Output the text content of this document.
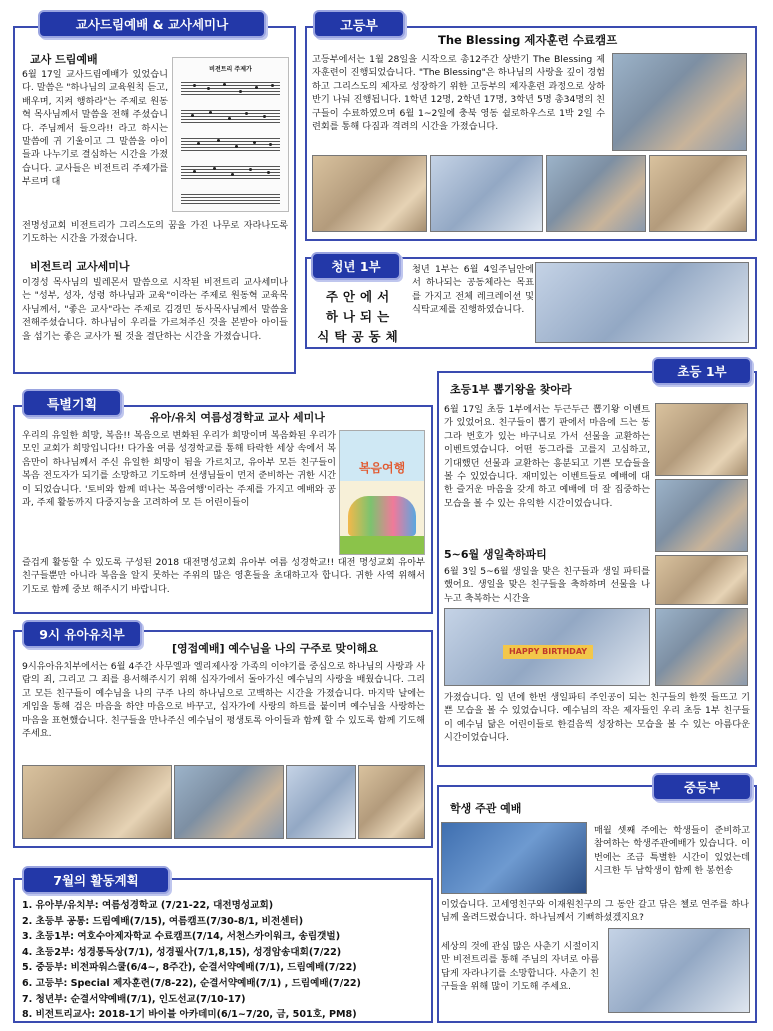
교사드림예배 & 교사세미나
교사 드림예배
6월 17일 교사드림예배가 있었습니다. 말씀은 "하나님의 교육원칙 듣고, 배우며, 지켜 행하라"는 주제로 원동혁 목사님께서 말씀을 전해 주셨습니다. 주님께서 들으라!! 라고 하시는 말씀에 귀 기울이고 그 말씀을 아이들과 나누기로 결심하는 시간을 가졌습니다. 교사들은 비전트리 주제가를 부르며 대
비전트리 주제가
전명성교회 비전트리가 그리스도의 꿈을 가진 나무로 자라나도록 기도하는 시간을 가졌습니다.
비전트리 교사세미나
이경성 목사님의 빌레몬서 말씀으로 시작된 비전트리 교사세미나는 "성부, 성자, 성령 하나님과 교육"이라는 주제로 원동혁 교육목사님께서, "좋은 교사"라는 주제로 김경민 동사목사님께서 말씀을 전해주셨습니다. 하나님이 우리를 가르쳐주신 것을 본받아 아이들을 섬기는 좋은 교사가 될 것을 결단하는 시간을 가졌습니다.
고등부
The Blessing 제자훈련 수료캠프
고등부에서는 1월 28일을 시작으로 총12주간 상반기 The Blessing 제자훈련이 진행되었습니다. "The Blessing"은 하나님의 사랑을 깊이 경험하고 그리스도의 제자로 성장하기 위한 고등부의 제자훈련 과정으로 상하반기 나눠 진행됩니다. 1학년 12명, 2학년 17명, 3학년 5명 총34명의 친구들이 수료하였으며 6월 1~2일에 충북 영동 쉴로하우스로 1박 2일 수련회를 통해 다짐과 격려의 시간을 가졌습니다.
청년 1부
주안에서
하나되는
식탁공동체
청년 1부는 6월 4일주님안에서 하나되는 공동체라는 목표를 가지고 전체 레크레이션 및 식탁교제를 진행하였습니다.
특별기획
유아/유치 여름성경학교 교사 세미나
우리의 유일한 희망, 복음!! 복음으로 변화된 우리가 희망이며 복음화된 우리가 모인 교회가 희망입니다!! 다가올 여름 성경학교를 통해 타락한 세상 속에서 복음만이 하나님께서 주신 유일한 희망이 됨을 가르치고, 유아부 모든 친구들이 복음 전도자가 되기를 소망하고 기도하며 선생님들이 먼저 준비하는 귀한 시간이 되었습니다. '토비와 함께 떠나는 복음여행'이라는 주제를 가지고 예배와 공과, 주제 활동까지 다중지능을 고려하여 모 든 어린이들이
복음여행
즐겁게 활동할 수 있도록 구성된 2018 대전명성교회 유아부 여름 성경학교!! 대전 명성교회 유아부 친구들뿐만 아니라 복음을 알지 못하는 주위의 많은 영혼들을 초대하고자 합니다. 귀한 사역 위해서 기도로 함께 중보 해주시기 바랍니다.
9시 유아유치부
[영접예배] 예수님을 나의 구주로 맞이해요
9시유아유치부에서는 6월 4주간 사무엘과 엘리제사장 가족의 이야기를 중심으로 하나님의 사랑과 사람의 죄, 그리고 그 죄를 용서해주시기 위해 십자가에서 돌아가신 예수님의 사랑을 배웠습니다. 그리고 모든 친구들이 예수님을 나의 구주 나의 하나님으로 고백하는 시간을 가졌습니다. 마지막 날에는 게임을 통해 검은 마음을 하얀 마음으로 바꾸고, 십자가에 사랑의 하트를 붙이며 예수님을 사랑하는 마음을 표현했습니다. 친구들을 만나주신 예수님이 평생토록 아이들과 함께 할 수 있도록 함께 기도해주세요.
7월의 활동계획
1. 유아부/유치부: 여름성경학교 (7/21-22, 대전명성교회)
2. 초등부 공통: 드림예배(7/15), 여름캠프(7/30-8/1, 비전센터)
3. 초등1부: 여호수아제자학교 수료캠프(7/14, 서천스카이워크, 송림갯벌)
4. 초등2부: 성경통독상(7/1), 성경필사(7/1,8,15), 성경암송대회(7/22)
5. 중등부: 비전파워스쿨(6/4~, 8주간), 순결서약예배(7/1), 드림예배(7/22)
6. 고등부: Special 제자훈련(7/8-22), 순결서약예배(7/1) , 드림예배(7/22)
7. 청년부: 순결서약예배(7/1), 인도선교(7/10-17)
8. 비전트리교사: 2018-1기 바이블 아카데미(6/1~7/20, 금, 501호, PM8)
초등 1부
초등1부 뽑기왕을 찾아라
6월 17일 초등 1부에서는 두근두근 뽑기왕 이벤트가 있었어요. 친구들이 뽑기 판에서 마음에 드는 동그라 번호가 있는 바구니로 가서 선물을 교환하는 이벤트였습니다. 어떤 동그라를 고를지 고심하고, 기대했던 선물과 교환하는 흥분되고 기쁜 모습들을 볼 수 있었습니다. 재미있는 이벤트들로 예배에 대한 즐거운 마음을 갖게 하고 예배에 더 잘 집중하는 모습을 볼 수 있는 유익한 시간이었습니다.
5~6월 생일축하파티
6월 3일 5~6월 생일을 맞은 친구들과 생일 파티를 했어요. 생일을 맞은 친구들을 축하하며 선물을 나누고 축복하는 시간을
HAPPY BIRTHDAY
가졌습니다. 일 년에 한번 생일파티 주인공이 되는 친구들의 한껏 들뜨고 기쁜 모습을 볼 수 있었습니다. 예수님의 작은 제자들인 우리 초등 1부 친구들이 예수님 닮은 어린이들로 한걸음씩 성장하는 모습을 볼 수 있는 아름다운 시간이었습니다.
중등부
학생 주관 예배
매월 셋째 주에는 학생들이 준비하고 참여하는 학생주관예배가 있습니다. 이번에는 조금 특별한 시간이 있었는데 시크한 두 남학생이 함께 한 봉헌송
이었습니다. 고세영친구와 이재원친구의 그 동안 갈고 닦은 첼로 연주를 하나님께 올려드렸습니다. 하나님께서 기뻐하셨겠지요?
세상의 것에 관심 많은 사춘기 시절이지만 비전트리를 통해 주님의 자녀로 아름답게 자라나기를 소망합니다. 사춘기 친구들을 위해 많이 기도해 주세요.
